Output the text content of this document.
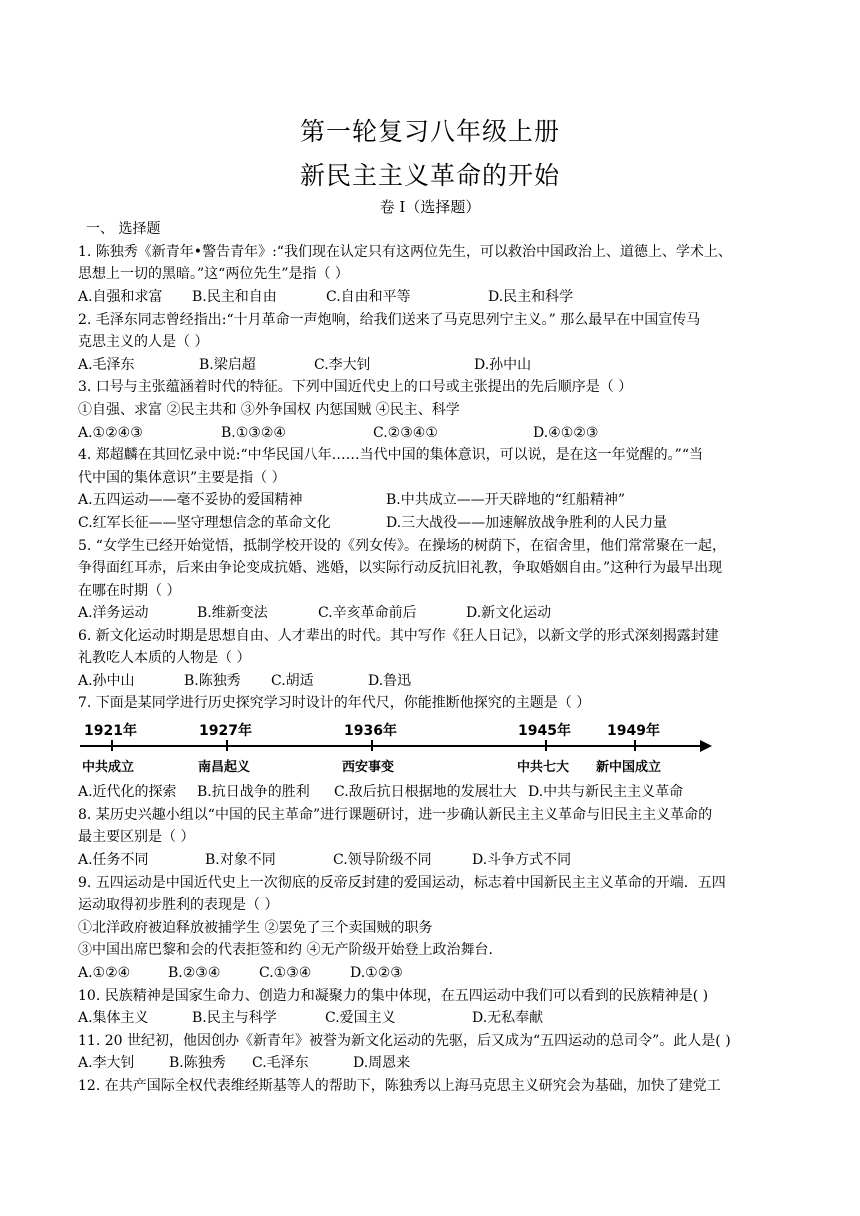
第一轮复习八年级上册
新民主主义革命的开始
卷 I（选择题）
一、 选择题
1. 陈独秀《新青年•警告青年》:“我们现在认定只有这两位先生，可以救治中国政治上、道德上、学术上、
思想上一切的黑暗。”这“两位先生”是指（ ）
A.自强和求富 B.民主和自由	C.自由和平等	D.民主和科学
2. 毛泽东同志曾经指出:“十月革命一声炮响，给我们送来了马克思列宁主义。” 那么最早在中国宣传马
克思主义的人是（ ）
A.毛泽东	B.梁启超	C.李大钊	D.孙中山
3. 口号与主张蕴涵着时代的特征。下列中国近代史上的口号或主张提出的先后顺序是（ ）
①自强、求富 ②民主共和 ③外争国权 内惩国贼 ④民主、科学
A.①②④③	B.①③②④	C.②③④①	D.④①②③
4. 郑超麟在其回忆录中说:“中华民国八年……当代中国的集体意识，可以说，是在这一年觉醒的。”“当
代中国的集体意识”主要是指（ ）
A.五四运动——毫不妥协的爱国精神	B.中共成立——开天辟地的“红船精神”
C.红军长征——坚守理想信念的革命文化	D.三大战役——加速解放战争胜利的人民力量
5. “女学生已经开始觉悟，抵制学校开设的《列女传》。在操场的树荫下，在宿舍里，他们常常聚在一起，
争得面红耳赤，后来由争论变成抗婚、逃婚，以实际行动反抗旧礼教，争取婚姻自由。”这种行为最早出现
在哪在时期（ ）
A.洋务运动	B.维新变法	C.辛亥革命前后	D.新文化运动
6. 新文化运动时期是思想自由、人才辈出的时代。其中写作《狂人日记》，以新文学的形式深刻揭露封建
礼教吃人本质的人物是（ ）
A.孙中山	B.陈独秀 C.胡适	D.鲁迅
7. 下面是某同学进行历史探究学习时设计的年代尺，你能推断他探究的主题是（ ）
1921年	1927年	1936年	1945年	1949年
中共成立	南昌起义	西安事变	中共七大 新中国成立
A.近代化的探索 B.抗日战争的胜利 C.敌后抗日根据地的发展壮大 D.中共与新民主主义革命
8. 某历史兴趣小组以“中国的民主革命”进行课题研讨，进一步确认新民主主义革命与旧民主主义革命的
最主要区别是（ ）
A.任务不同	B.对象不同	C.领导阶级不同	D.斗争方式不同
9. 五四运动是中国近代史上一次彻底的反帝反封建的爱国运动，标志着中国新民主主义革命的开端．五四
运动取得初步胜利的表现是（ ）
①北洋政府被迫释放被捕学生 ②罢免了三个卖国贼的职务
③中国出席巴黎和会的代表拒签和约 ④无产阶级开始登上政治舞台．
A.①②④	B.②③④	C.①③④	D.①②③
10. 民族精神是国家生命力、创造力和凝聚力的集中体现，在五四运动中我们可以看到的民族精神是( )
A.集体主义	B.民主与科学	C.爱国主义	D.无私奉献
11. 20 世纪初，他因创办《新青年》被誉为新文化运动的先驱，后又成为“五四运动的总司令”。此人是( )
A.李大钊 B.陈独秀 C.毛泽东	D.周恩来
12. 在共产国际全权代表维经斯基等人的帮助下，陈独秀以上海马克思主义研究会为基础，加快了建党工
